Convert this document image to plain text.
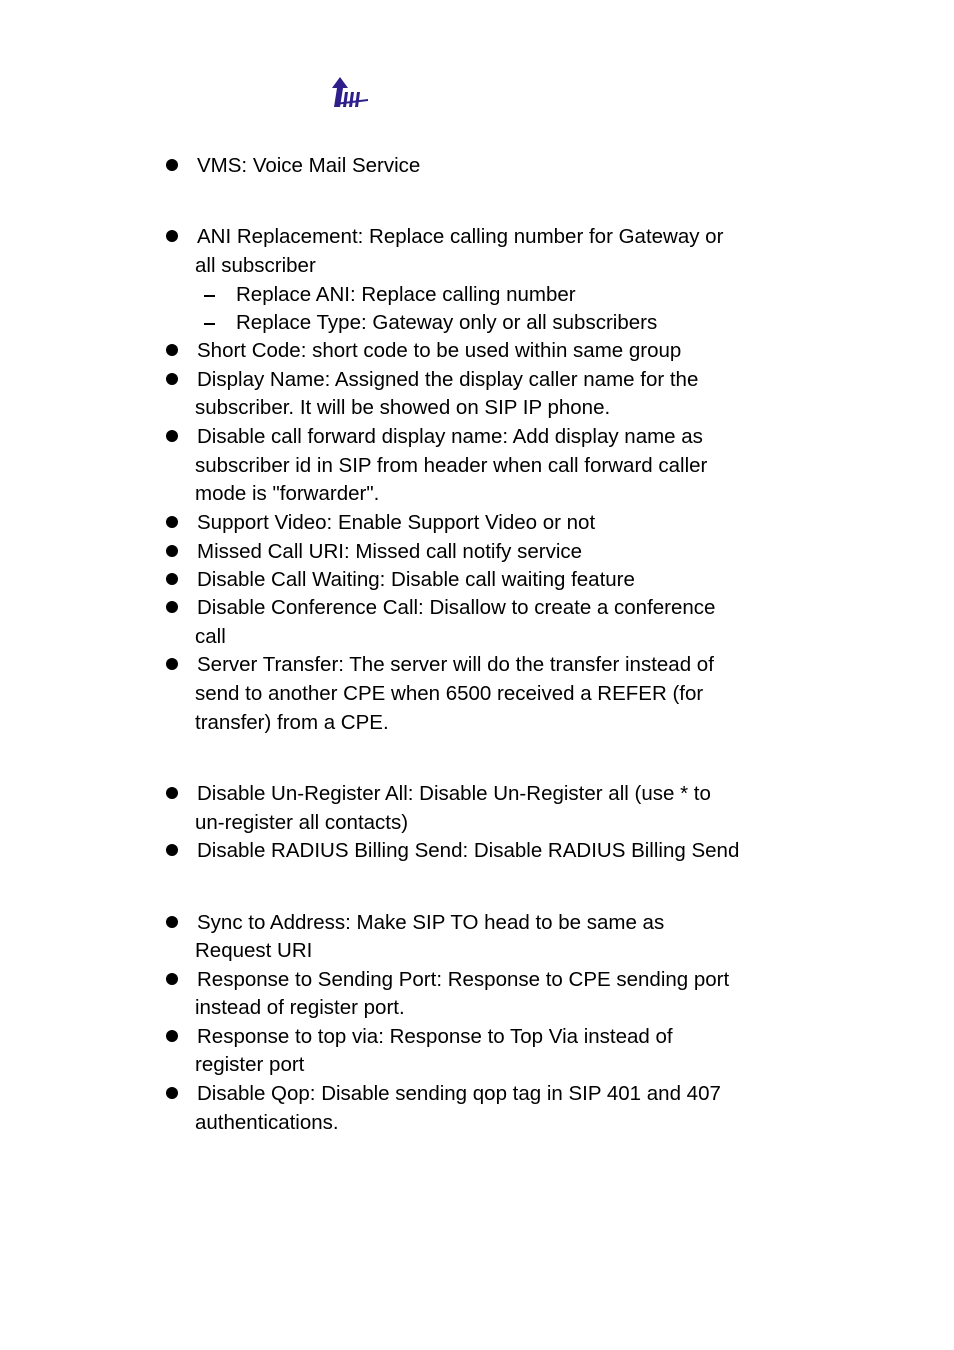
VMS: Voice Mail Service
ANI Replacement: Replace calling number for Gateway or
all subscriber
Replace ANI: Replace calling number
Replace Type: Gateway only or all subscribers
Short Code: short code to be used within same group
Display Name: Assigned the display caller name for the
subscriber. It will be showed on SIP IP phone.
Disable call forward display name: Add display name as
subscriber id in SIP from header when call forward caller
mode is "forwarder".
Support Video: Enable Support Video or not
Missed Call URI: Missed call notify service
Disable Call Waiting: Disable call waiting feature
Disable Conference Call: Disallow to create a conference
call
Server Transfer: The server will do the transfer instead of
send to another CPE when 6500 received a REFER (for
transfer) from a CPE.
Disable Un-Register All: Disable Un-Register all (use * to
un-register all contacts)
Disable RADIUS Billing Send: Disable RADIUS Billing Send
Sync to Address: Make SIP TO head to be same as
Request URI
Response to Sending Port: Response to CPE sending port
instead of register port.
Response to top via: Response to Top Via instead of
register port
Disable Qop: Disable sending qop tag in SIP 401 and 407
authentications.
